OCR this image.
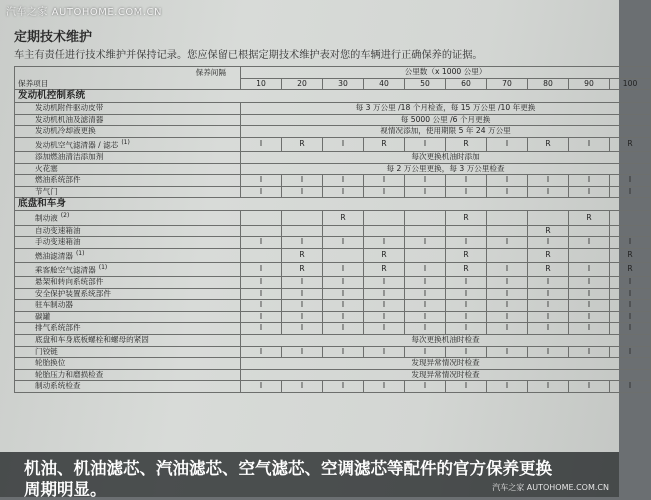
汽车之家 AUTOHOME.COM.CN
定期技术维护
车主有责任进行技术维护并保持记录。您应保留已根据定期技术维护表对您的车辆进行正确保养的证据。
保养间隔
保养项目	公里数（x 1000 公里）									
	10	20	30	40	50	60	70	80	90	100
发动机控制系统										
发动机附件驱动皮带	每 3 万公里 /18 个月检查，每 15 万公里 /10 年更换									
发动机机油及滤清器	每 5000 公里 /6 个月更换									
发动机冷却液更换	视情况添加，使用期限 5 年 24 万公里									
发动机空气滤清器 / 滤芯 $^{(1)}$	I	R	I	R	I	R	I	R	I	R
添加燃油清洁添加剂	每次更换机油时添加									
火花塞	每 2 万公里更换，每 3 万公里检查									
燃油系统部件	I	I	I	I	I	I	I	I	I	I
节气门	I	I	I	I	I	I	I	I	I	I
底盘和车身										
制动液 $^{(2)}$			R			R			R	
自动变速箱油								R		
手动变速箱油	I	I	I	I	I	I	I	I	I	I
燃油滤清器 $^{(1)}$		R		R		R		R		R
乘客舱空气滤清器 $^{(1)}$	I	R	I	R	I	R	I	R	I	R
悬架和转向系统部件	I	I	I	I	I	I	I	I	I	I
安全保护装置系统部件	I	I	I	I	I	I	I	I	I	I
驻车制动器	I	I	I	I	I	I	I	I	I	I
碳罐	I	I	I	I	I	I	I	I	I	I
排气系统部件	I	I	I	I	I	I	I	I	I	I
底盘和车身底板螺栓和螺母的紧固	每次更换机油时检查									
门铰链	I	I	I	I	I	I	I	I	I	I
轮胎换位	发现异常情况时检查									
轮胎压力和磨损检查	发现异常情况时检查									
制动系统检查	I	I	I	I	I	I	I	I	I	I
机油、机油滤芯、汽油滤芯、空气滤芯、空调滤芯等配件的官方保养更换
周期明显。	汽车之家 AUTOHOME.COM.CN
